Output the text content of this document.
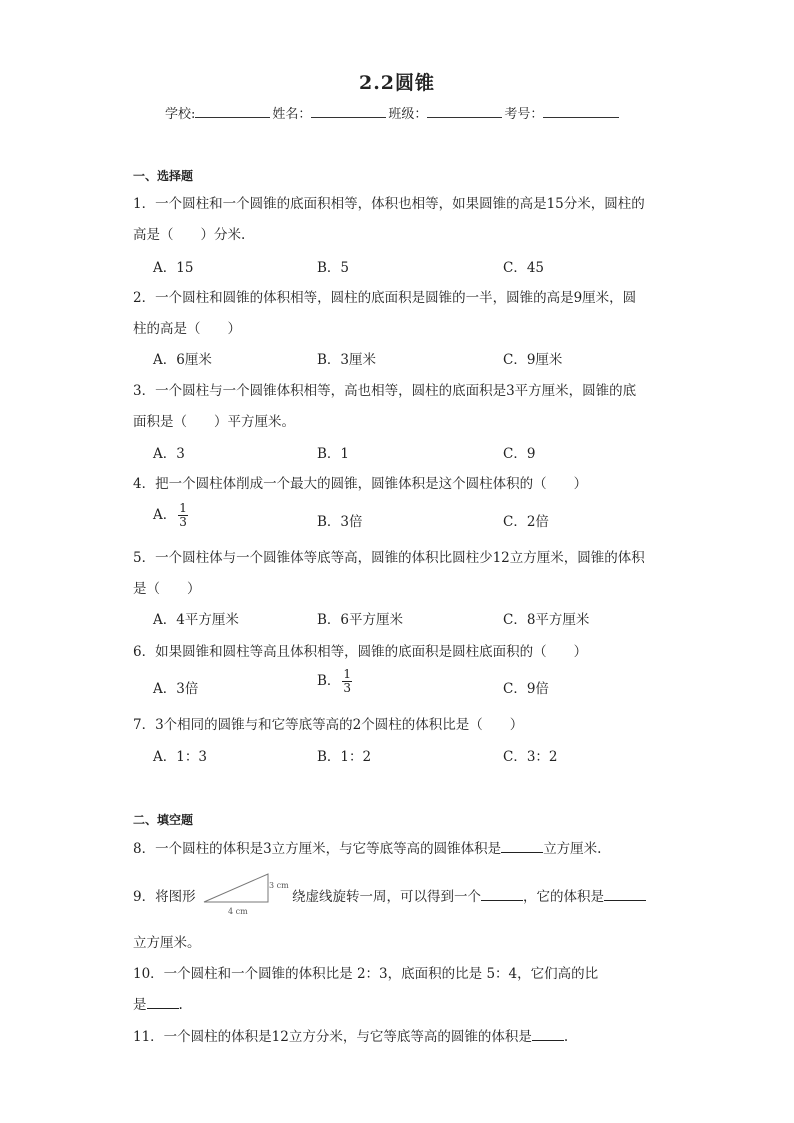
2.2圆锥
学校:	姓名：	班级：	考号：
一、选择题
1．一个圆柱和一个圆锥的底面积相等，体积也相等，如果圆锥的高是15分米，圆柱的
高是（　　）分米.
A．15	B．5	C．45
2．一个圆柱和圆锥的体积相等，圆柱的底面积是圆锥的一半，圆锥的高是9厘米，圆
柱的高是（　　）
A．6厘米	B．3厘米	C．9厘米
3．一个圆柱与一个圆锥体积相等，高也相等，圆柱的底面积是3平方厘米，圆锥的底
面积是（　　）平方厘米。
A．3	B．1	C．9
4．把一个圆柱体削成一个最大的圆锥，圆锥体积是这个圆柱体积的（　　）
A． $\frac{1}{3}$	B．3倍	C．2倍
5．一个圆柱体与一个圆锥体等底等高，圆锥的体积比圆柱少12立方厘米，圆锥的体积
是（　　）
A．4平方厘米	B．6平方厘米	C．8平方厘米
6．如果圆锥和圆柱等高且体积相等，圆锥的底面积是圆柱底面积的（　　）
A．3倍	B． $\frac{1}{3}$	C．9倍
7．3个相同的圆锥与和它等底等高的2个圆柱的体积比是（　　）
A．1：3	B．1：2	C．3：2
二、填空题
8．一个圆柱的体积是3立方厘米，与它等底等高的圆锥体积是	立方厘米.
9．将图形
3 cm
4 cm
绕虚线旋转一周，可以得到一个	，它的体积是
立方厘米。
10．一个圆柱和一个圆锥的体积比是 2：3，底面积的比是 5：4，它们高的比
是 .
11．一个圆柱的体积是12立方分米，与它等底等高的圆锥的体积是 .
